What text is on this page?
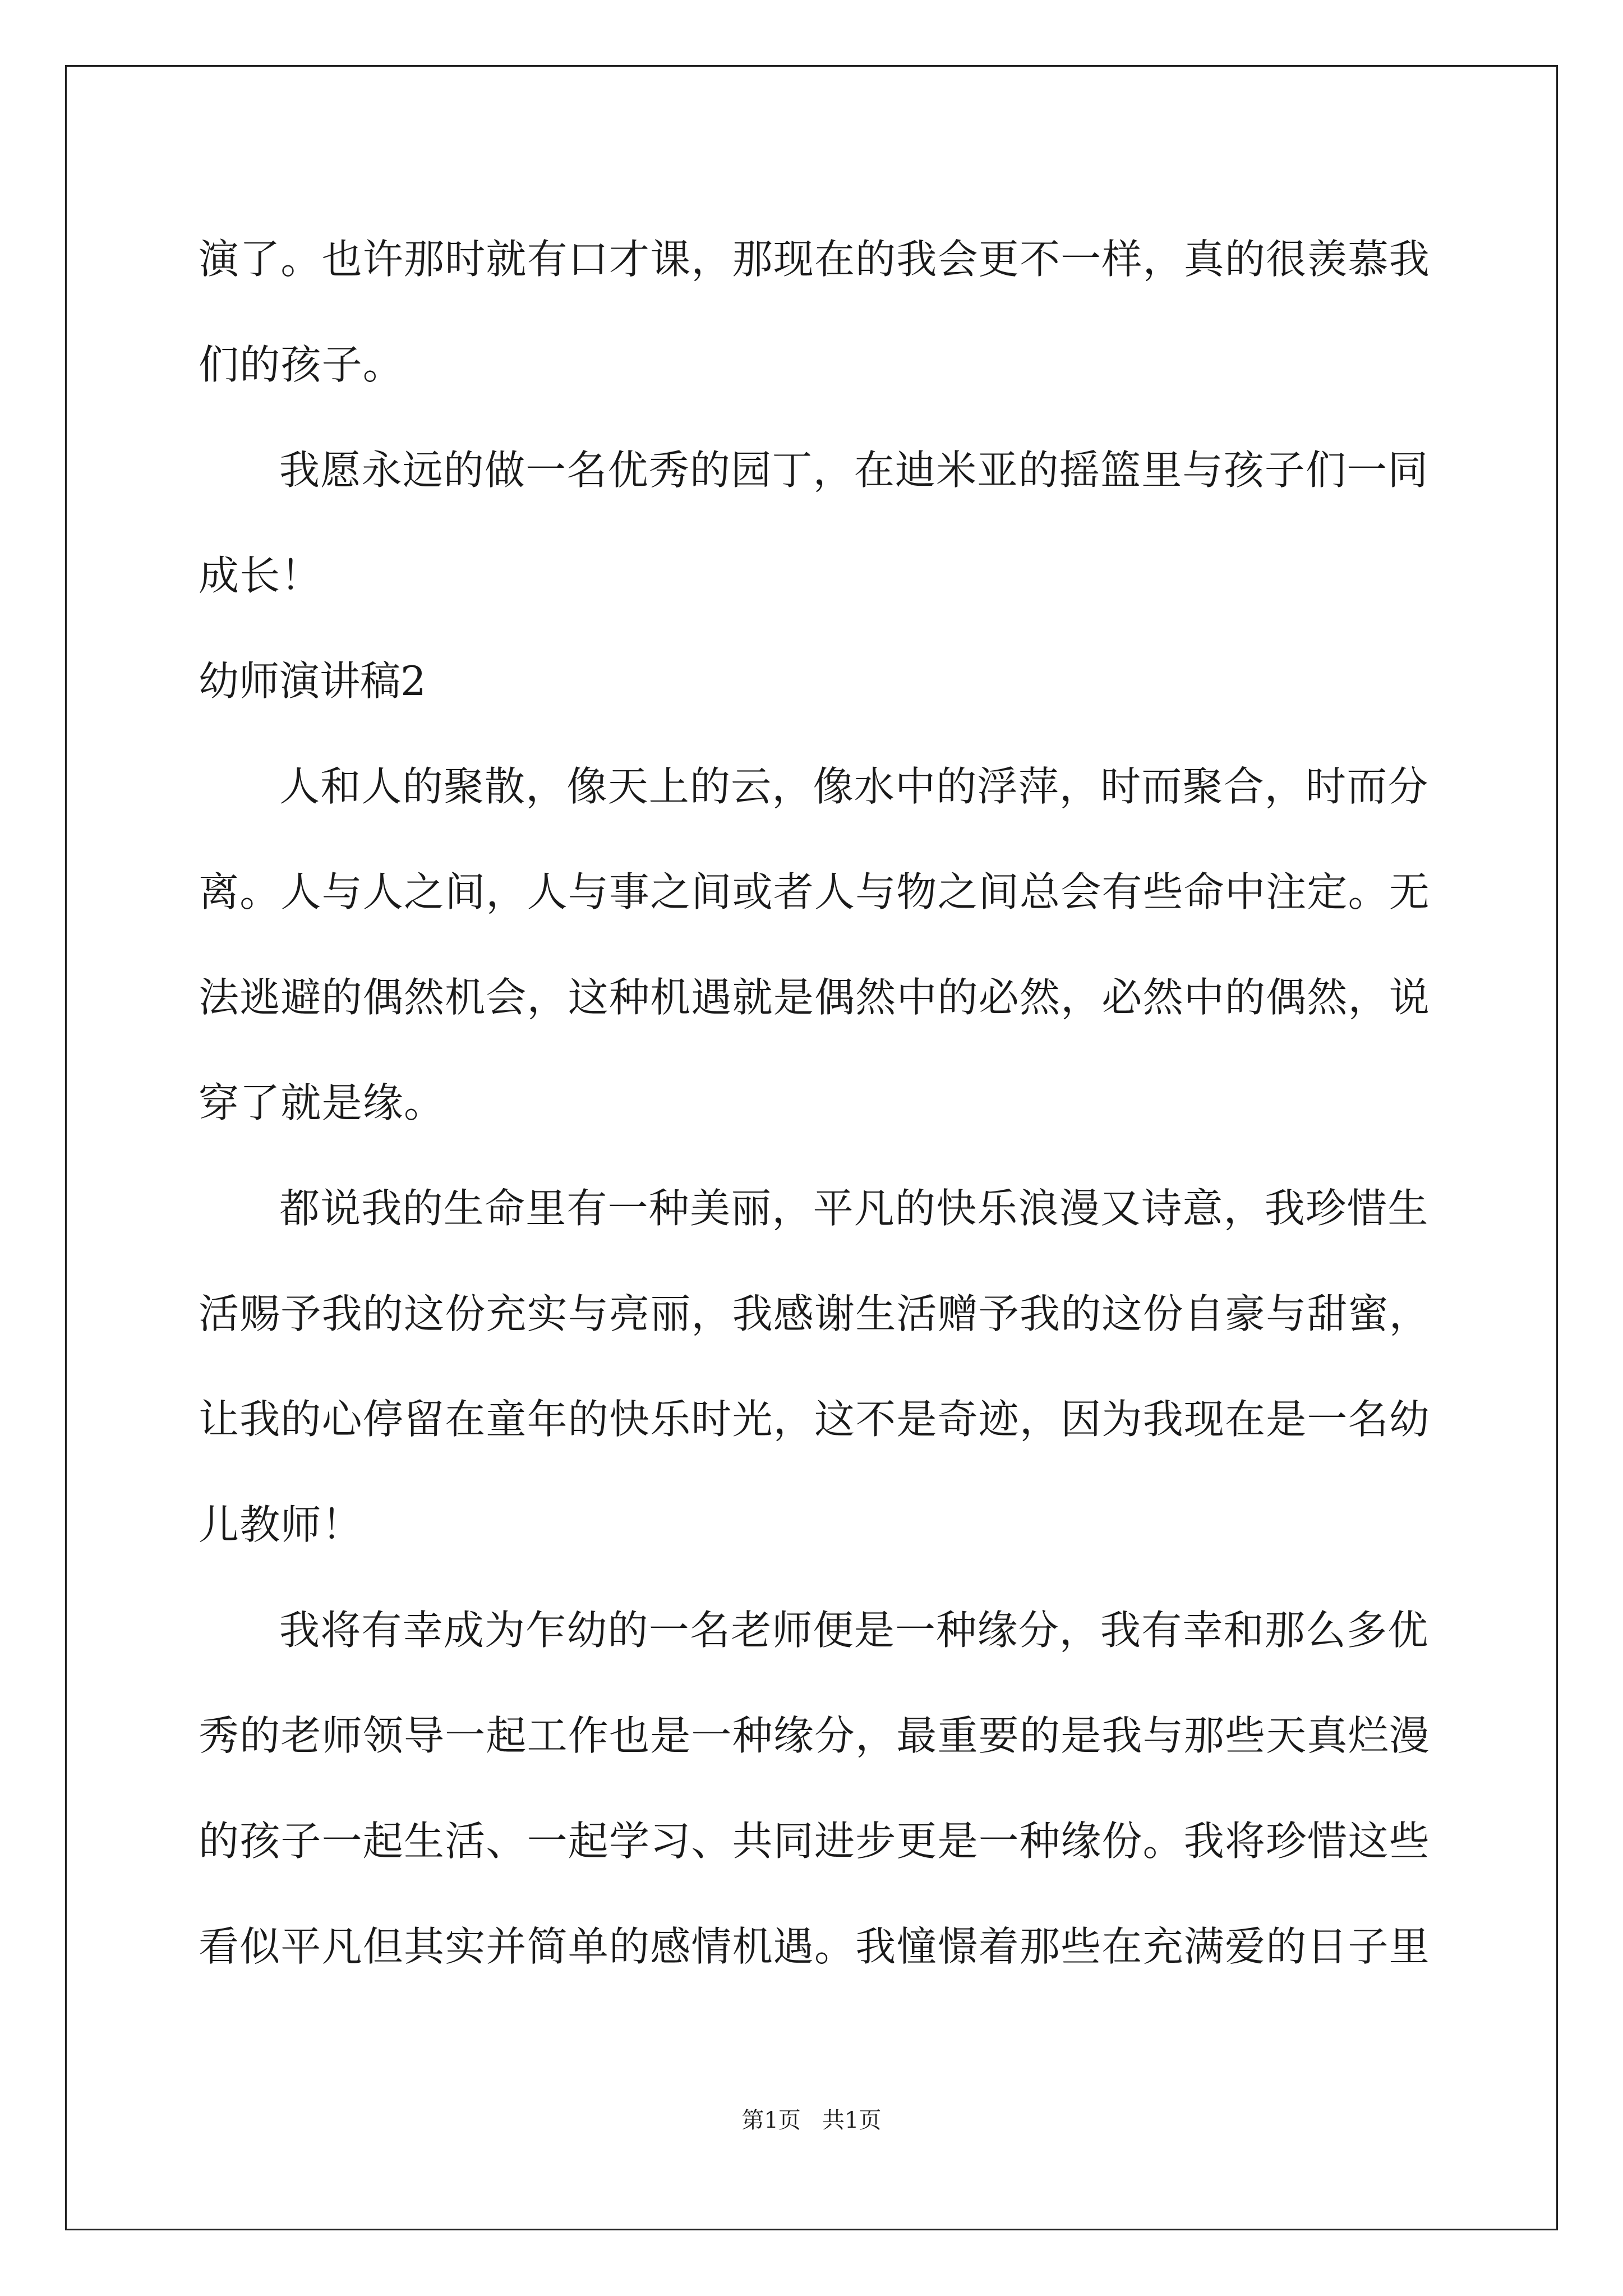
演了。也许那时就有口才课，那现在的我会更不一样，真的很羡慕我
们的孩子。
我愿永远的做一名优秀的园丁，在迪米亚的摇篮里与孩子们一同
成长！
幼师演讲稿2
人和人的聚散，像天上的云，像水中的浮萍，时而聚合，时而分
离。人与人之间，人与事之间或者人与物之间总会有些命中注定。无
法逃避的偶然机会，这种机遇就是偶然中的必然，必然中的偶然，说
穿了就是缘。
都说我的生命里有一种美丽，平凡的快乐浪漫又诗意，我珍惜生
活赐予我的这份充实与亮丽，我感谢生活赠予我的这份自豪与甜蜜，
让我的心停留在童年的快乐时光，这不是奇迹，因为我现在是一名幼
儿教师！
我将有幸成为乍幼的一名老师便是一种缘分，我有幸和那么多优
秀的老师领导一起工作也是一种缘分，最重要的是我与那些天真烂漫
的孩子一起生活、一起学习、共同进步更是一种缘份。我将珍惜这些
看似平凡但其实并简单的感情机遇。我憧憬着那些在充满爱的日子里
第1页   共1页
